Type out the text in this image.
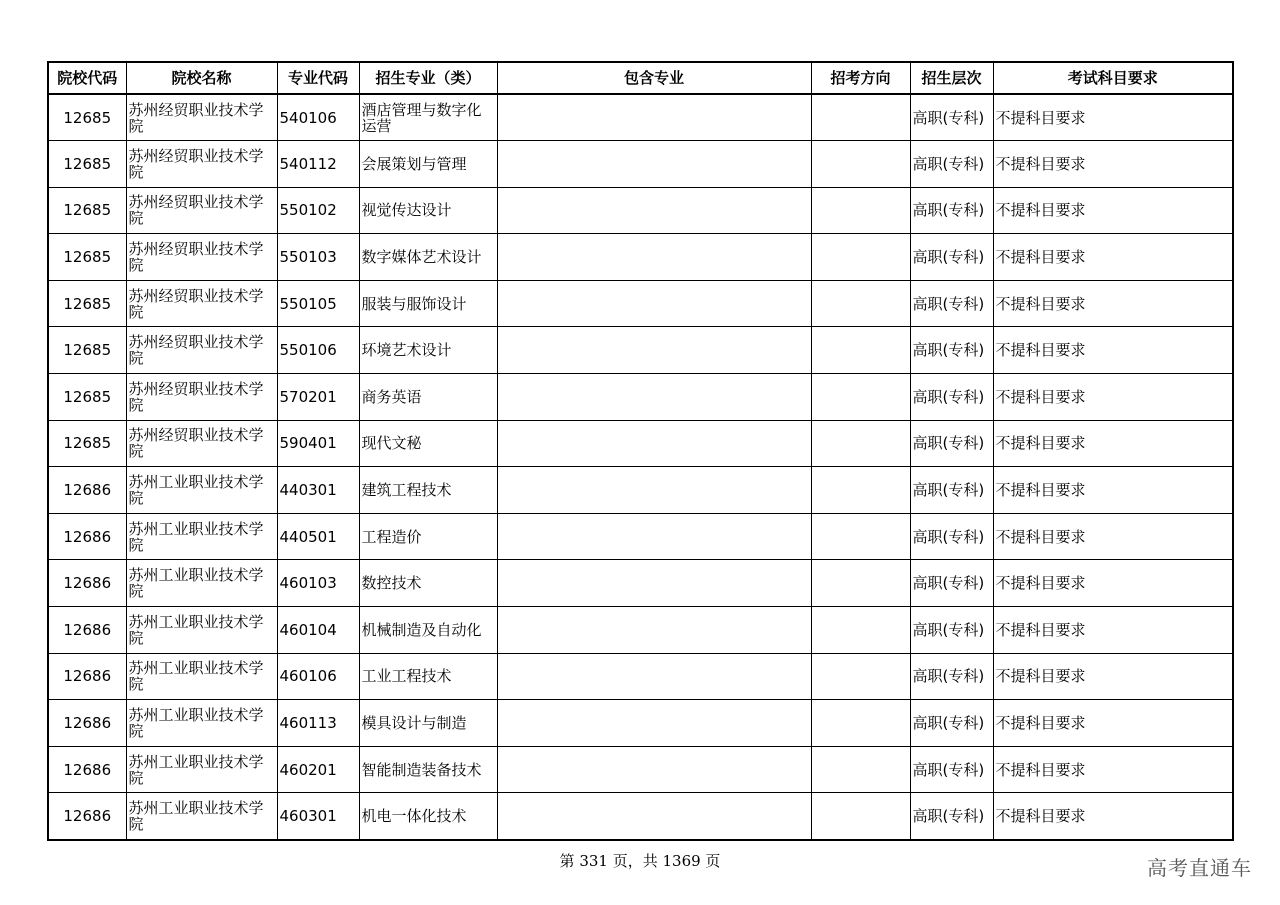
院校代码	院校名称	专业代码	招生专业（类）	包含专业	招考方向	招生层次	考试科目要求
12685	苏州经贸职业技术学院	540106	酒店管理与数字化运营			高职(专科)	不提科目要求
12685	苏州经贸职业技术学院	540112	会展策划与管理			高职(专科)	不提科目要求
12685	苏州经贸职业技术学院	550102	视觉传达设计			高职(专科)	不提科目要求
12685	苏州经贸职业技术学院	550103	数字媒体艺术设计			高职(专科)	不提科目要求
12685	苏州经贸职业技术学院	550105	服装与服饰设计			高职(专科)	不提科目要求
12685	苏州经贸职业技术学院	550106	环境艺术设计			高职(专科)	不提科目要求
12685	苏州经贸职业技术学院	570201	商务英语			高职(专科)	不提科目要求
12685	苏州经贸职业技术学院	590401	现代文秘			高职(专科)	不提科目要求
12686	苏州工业职业技术学院	440301	建筑工程技术			高职(专科)	不提科目要求
12686	苏州工业职业技术学院	440501	工程造价			高职(专科)	不提科目要求
12686	苏州工业职业技术学院	460103	数控技术			高职(专科)	不提科目要求
12686	苏州工业职业技术学院	460104	机械制造及自动化			高职(专科)	不提科目要求
12686	苏州工业职业技术学院	460106	工业工程技术			高职(专科)	不提科目要求
12686	苏州工业职业技术学院	460113	模具设计与制造			高职(专科)	不提科目要求
12686	苏州工业职业技术学院	460201	智能制造装备技术			高职(专科)	不提科目要求
12686	苏州工业职业技术学院	460301	机电一体化技术			高职(专科)	不提科目要求
第 331 页，共 1369 页	高考直通车
